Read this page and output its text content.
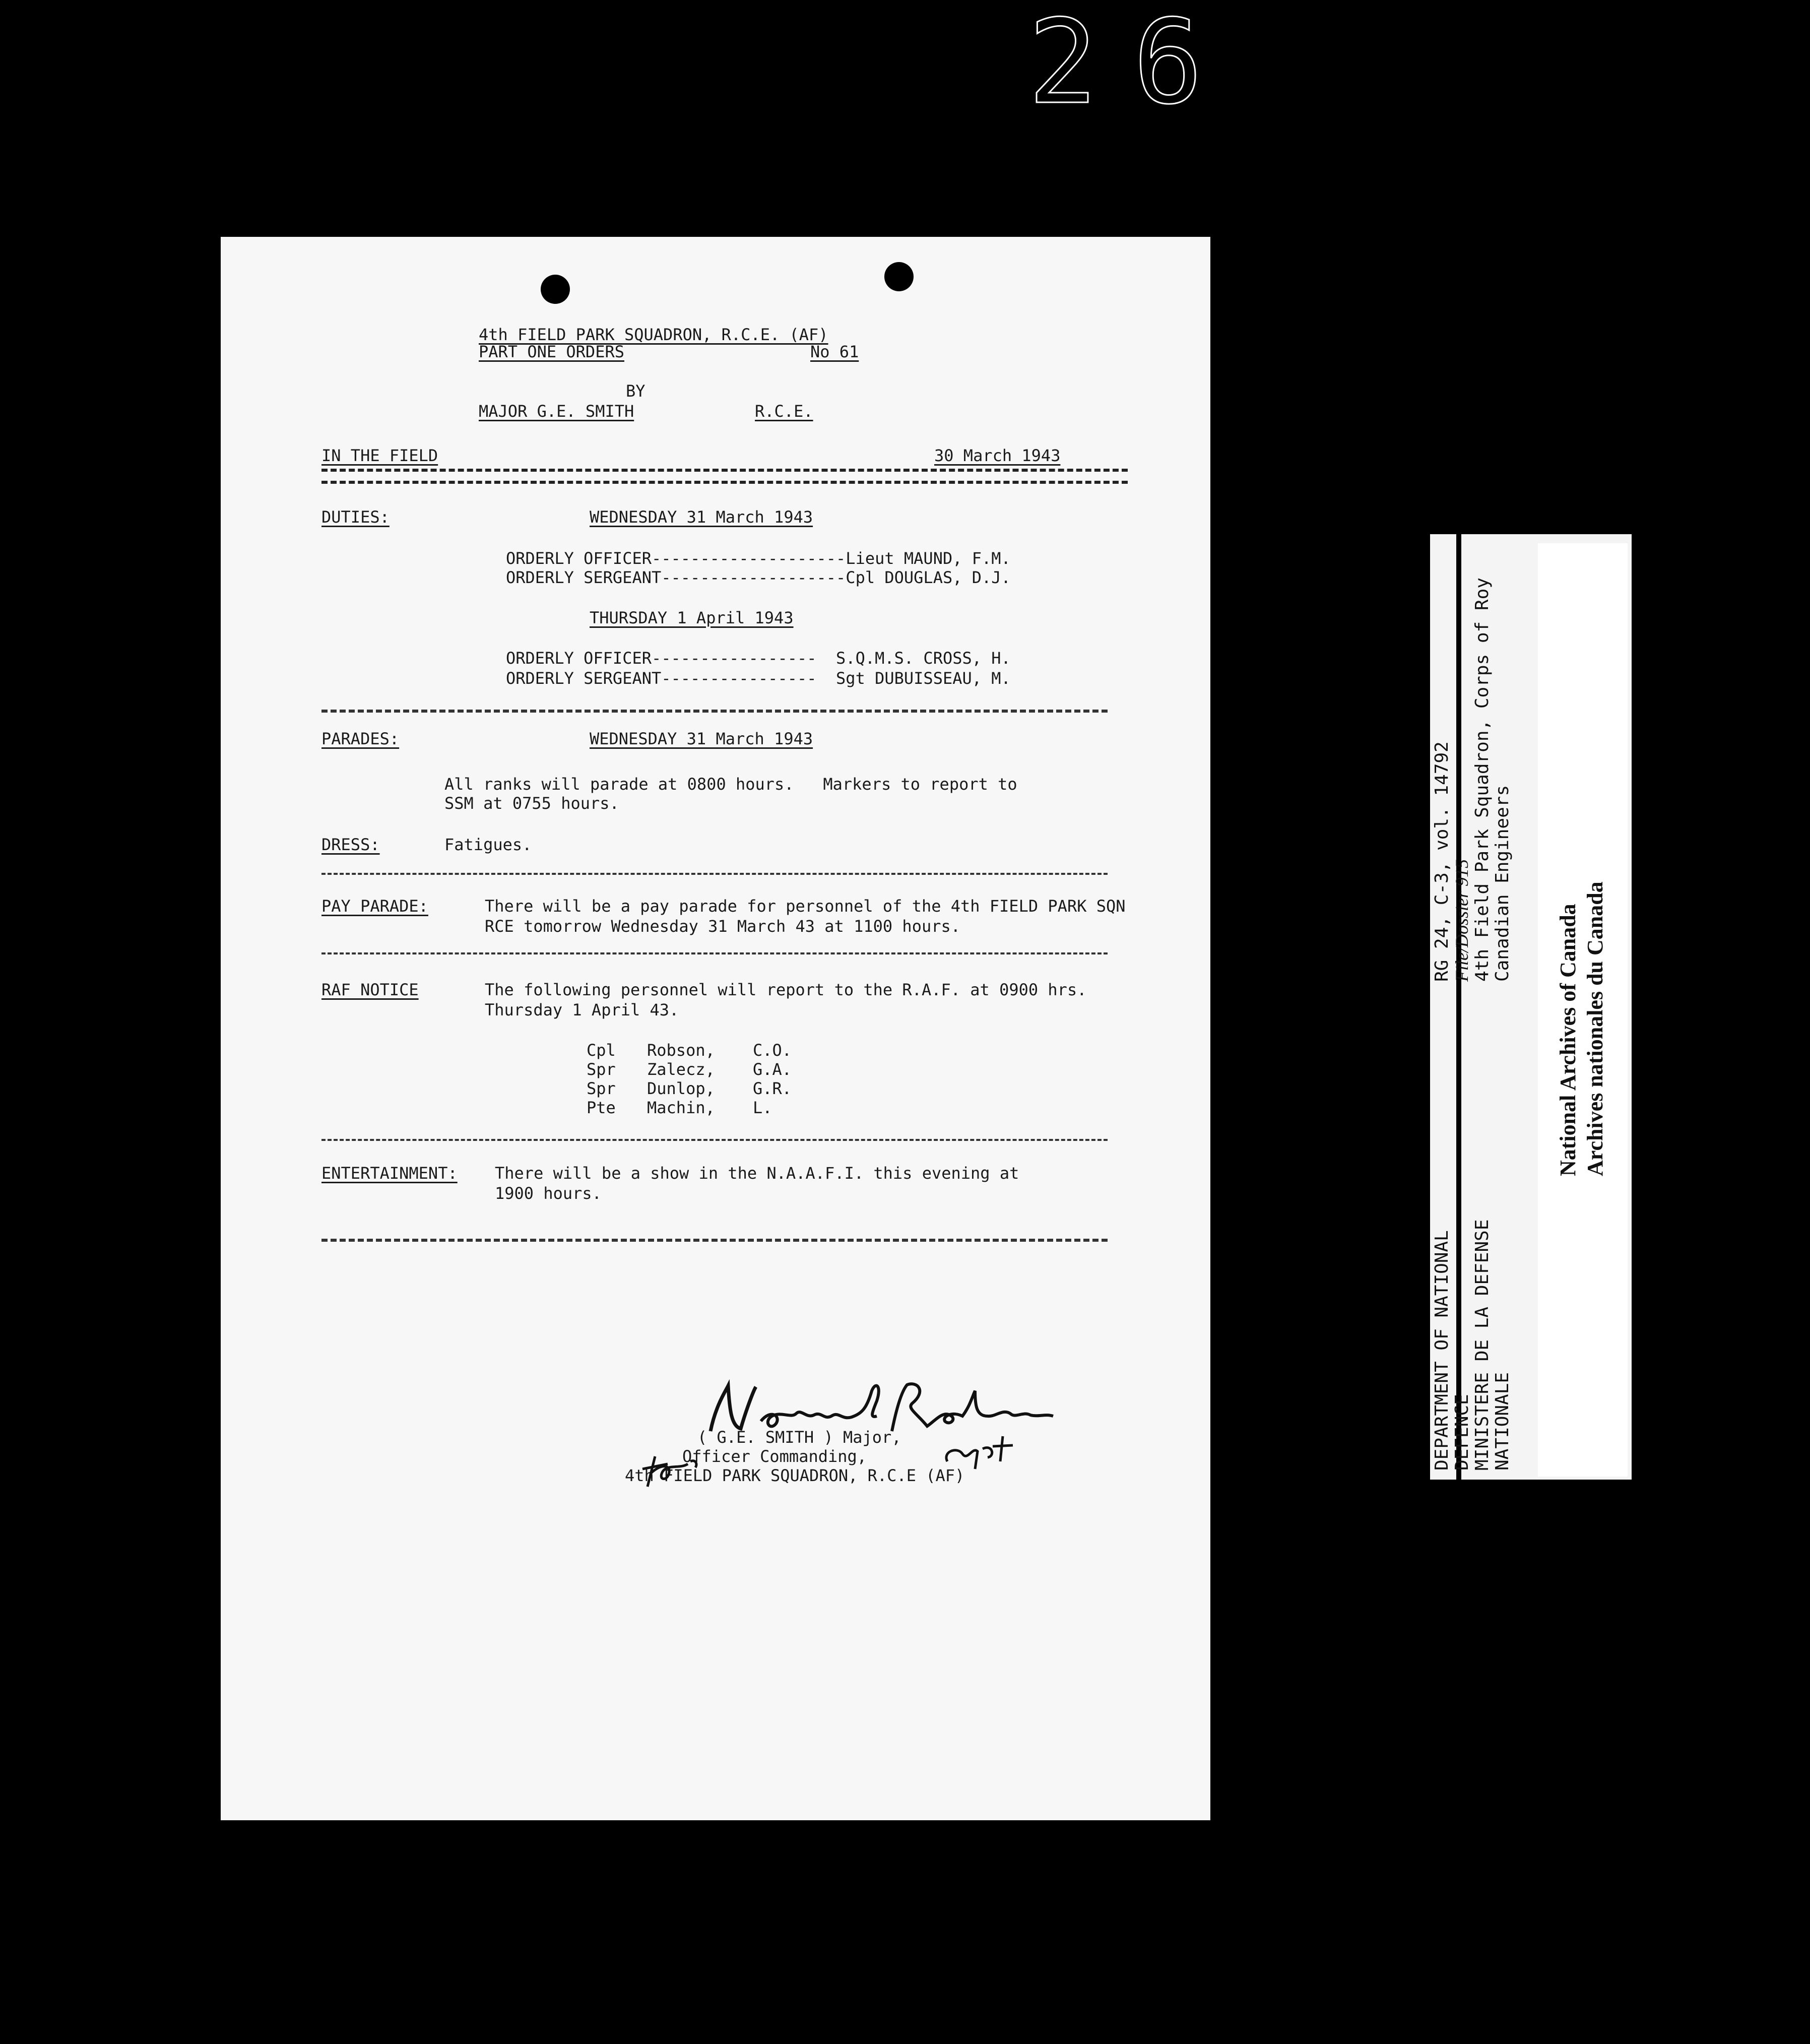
26
4th FIELD PARK SQUADRON, R.C.E. (AF)
PART ONE ORDERS	No 61
BY
MAJOR G.E. SMITH	R.C.E.
IN THE FIELD	30 March 1943
DUTIES:	WEDNESDAY 31 March 1943
ORDERLY OFFICER--------------------Lieut MAUND, F.M.
ORDERLY SERGEANT-------------------Cpl DOUGLAS, D.J.
THURSDAY 1 April 1943
ORDERLY OFFICER-----------------  S.Q.M.S. CROSS, H.
ORDERLY SERGEANT----------------  Sgt DUBUISSEAU, M.
PARADES:	WEDNESDAY 31 March 1943
All ranks will parade at 0800 hours.   Markers to report to
SSM at 0755 hours.
DRESS:	Fatigues.
PAY PARADE:	There will be a pay parade for personnel of the 4th FIELD PARK SQN
RCE tomorrow Wednesday 31 March 43 at 1100 hours.
RAF NOTICE	The following personnel will report to the R.A.F. at 0900 hrs.
Thursday 1 April 43.
Cpl Robson, C.O.
Spr Zalecz, G.A.
Spr Dunlop, G.R.
Pte Machin, L.
ENTERTAINMENT: There will be a show in the N.A.A.F.I. this evening at
1900 hours.
( G.E. SMITH ) Major,
Officer Commanding,
4th FIELD PARK SQUADRON, R.C.E (AF)
DEPARTMENT OF NATIONAL DEFENCE MINISTERE DE LA DEFENSE NATIONALE
RG 24, C-3, vol. 14792 File/Dossier 915 4th Field Park Squadron, Corps of Roy Canadian Engineers
National Archives of Canada Archives nationales du Canada
